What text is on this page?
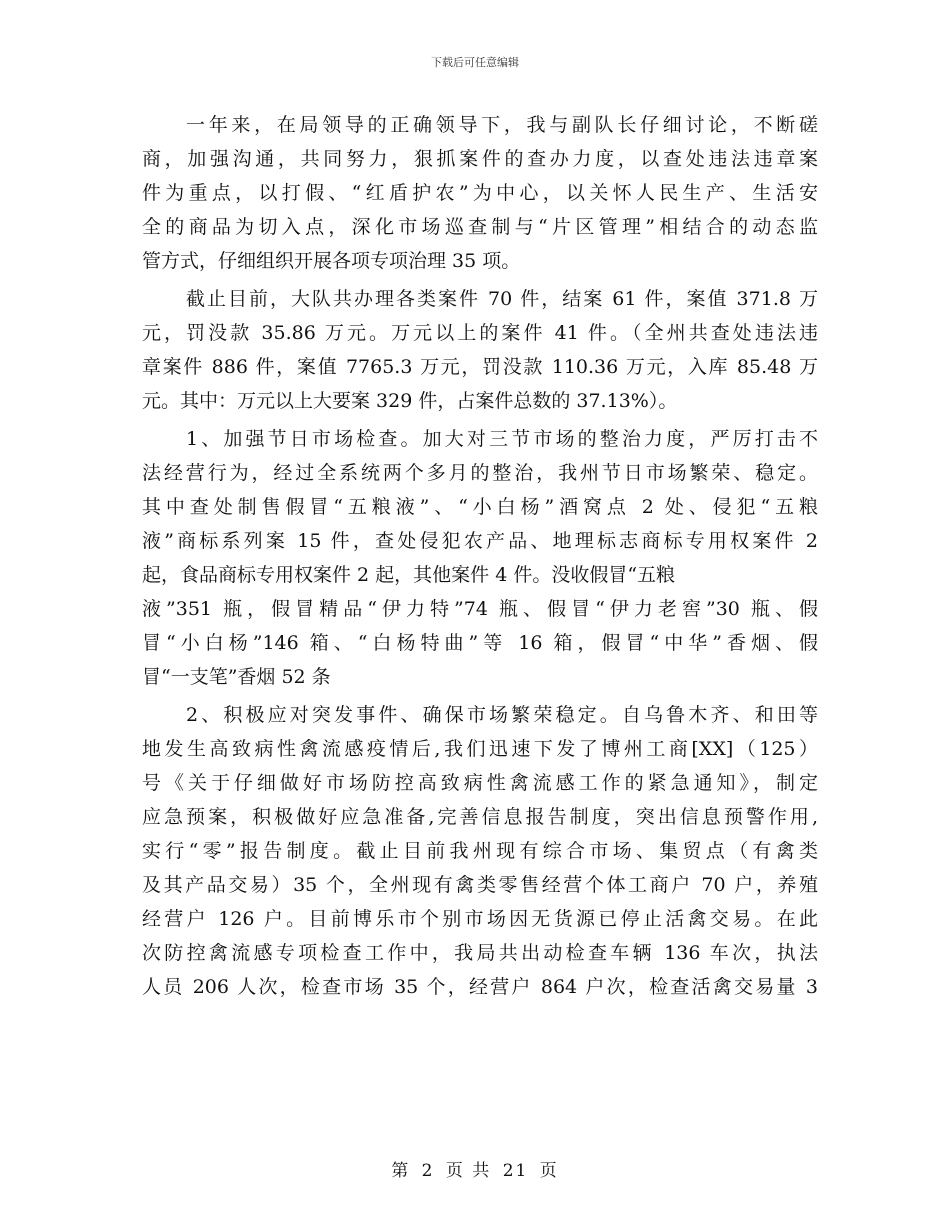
下载后可任意编辑
一年来，在局领导的正确领导下，我与副队长仔细讨论，不断磋
商，加强沟通，共同努力，狠抓案件的查办力度，以查处违法违章案
件为重点，以打假、“红盾护农”为中心，以关怀人民生产、生活安
全的商品为切入点，深化市场巡查制与“片区管理”相结合的动态监
管方式，仔细组织开展各项专项治理 35 项。
截止目前，大队共办理各类案件 70 件，结案 61 件，案值 371.8 万
元，罚没款 35.86 万元。万元以上的案件 41 件。（全州共查处违法违
章案件 886 件，案值 7765.3 万元，罚没款 110.36 万元，入库 85.48 万
元。其中：万元以上大要案 329 件，占案件总数的 37.13%）。
1、加强节日市场检查。加大对三节市场的整治力度，严厉打击不
法经营行为，经过全系统两个多月的整治，我州节日市场繁荣、稳定。
其中查处制售假冒“五粮液”、“小白杨”酒窝点 2 处、侵犯“五粮
液”商标系列案 15 件，查处侵犯农产品、地理标志商标专用权案件 2
起，食品商标专用权案件 2 起，其他案件 4 件。没收假冒“五粮
液”351 瓶，假冒精品“伊力特”74 瓶、假冒“伊力老窖”30 瓶、假
冒“小白杨”146 箱、“白杨特曲”等 16 箱，假冒“中华”香烟、假
冒“一支笔”香烟 52 条
2、积极应对突发事件、确保市场繁荣稳定。自乌鲁木齐、和田等
地发生高致病性禽流感疫情后,我们迅速下发了博州工商[XX]（125）
号《关于仔细做好市场防控高致病性禽流感工作的紧急通知》，制定
应急预案，积极做好应急准备,完善信息报告制度，突出信息预警作用,
实行“零”报告制度。截止目前我州现有综合市场、集贸点（有禽类
及其产品交易）35 个，全州现有禽类零售经营个体工商户 70 户，养殖
经营户 126 户。目前博乐市个别市场因无货源已停止活禽交易。在此
次防控禽流感专项检查工作中，我局共出动检查车辆 136 车次，执法
人员 206 人次，检查市场 35 个，经营户 864 户次，检查活禽交易量 3
第 2 页 共 21 页
